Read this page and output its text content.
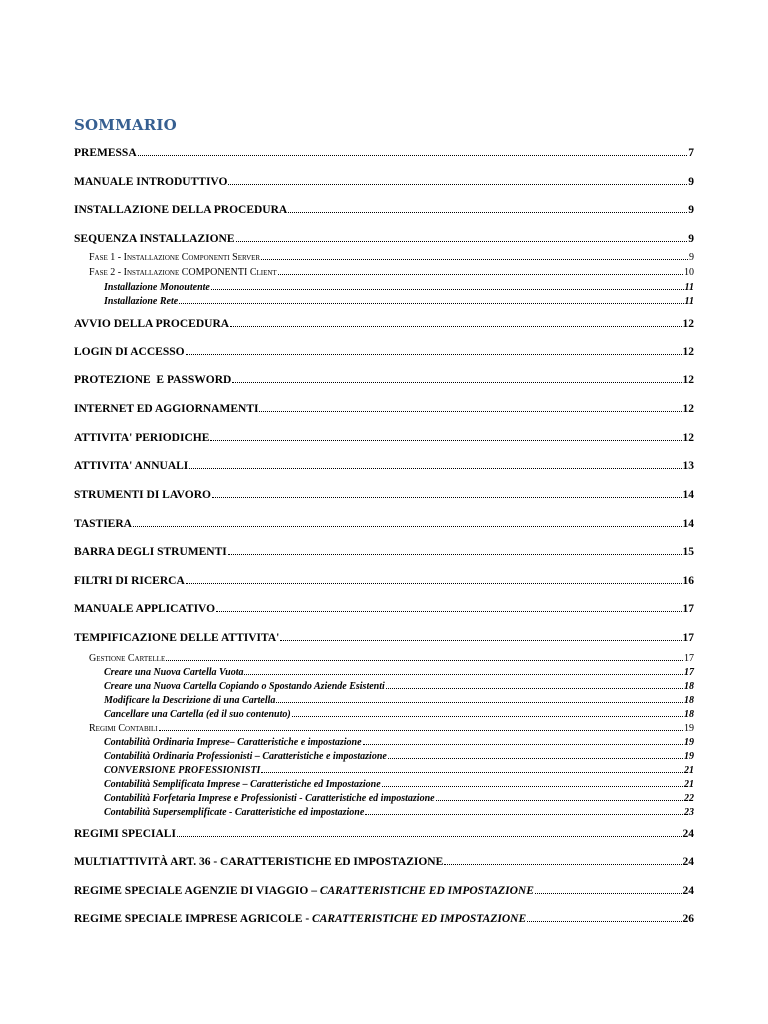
SOMMARIO
PREMESSA	7
MANUALE INTRODUTTIVO	9
INSTALLAZIONE DELLA PROCEDURA	9
SEQUENZA INSTALLAZIONE	9
Fase 1 - Installazione Componenti Server	9
Fase 2 - Installazione COMPONENTI Client	10
Installazione Monoutente	11
Installazione Rete	11
AVVIO DELLA PROCEDURA	12
LOGIN DI ACCESSO	12
PROTEZIONE  E PASSWORD	12
INTERNET ED AGGIORNAMENTI	12
ATTIVITA' PERIODICHE	12
ATTIVITA' ANNUALI	13
STRUMENTI DI LAVORO	14
TASTIERA	14
BARRA DEGLI STRUMENTI	15
FILTRI DI RICERCA	16
MANUALE APPLICATIVO	17
TEMPIFICAZIONE DELLE ATTIVITA'	17
Gestione Cartelle	17
Creare una Nuova Cartella Vuota	17
Creare una Nuova Cartella Copiando o Spostando Aziende Esistenti	18
Modificare la Descrizione di una Cartella	18
Cancellare una Cartella (ed il suo contenuto)	18
Regimi Contabili	19
Contabilità Ordinaria Imprese– Caratteristiche e impostazione	19
Contabilità Ordinaria Professionisti – Caratteristiche e impostazione	19
CONVERSIONE PROFESSIONISTI	21
Contabilità Semplificata Imprese – Caratteristiche ed Impostazione	21
Contabilità Forfetaria Imprese e Professionisti - Caratteristiche ed impostazione	22
Contabilità Supersemplificate - Caratteristiche ed impostazione	23
REGIMI SPECIALI	24
MULTIATTIVITÀ ART. 36 - CARATTERISTICHE ED IMPOSTAZIONE	24
REGIME SPECIALE AGENZIE DI VIAGGIO – CARATTERISTICHE ED IMPOSTAZIONE	24
REGIME SPECIALE IMPRESE AGRICOLE - CARATTERISTICHE ED IMPOSTAZIONE	26
